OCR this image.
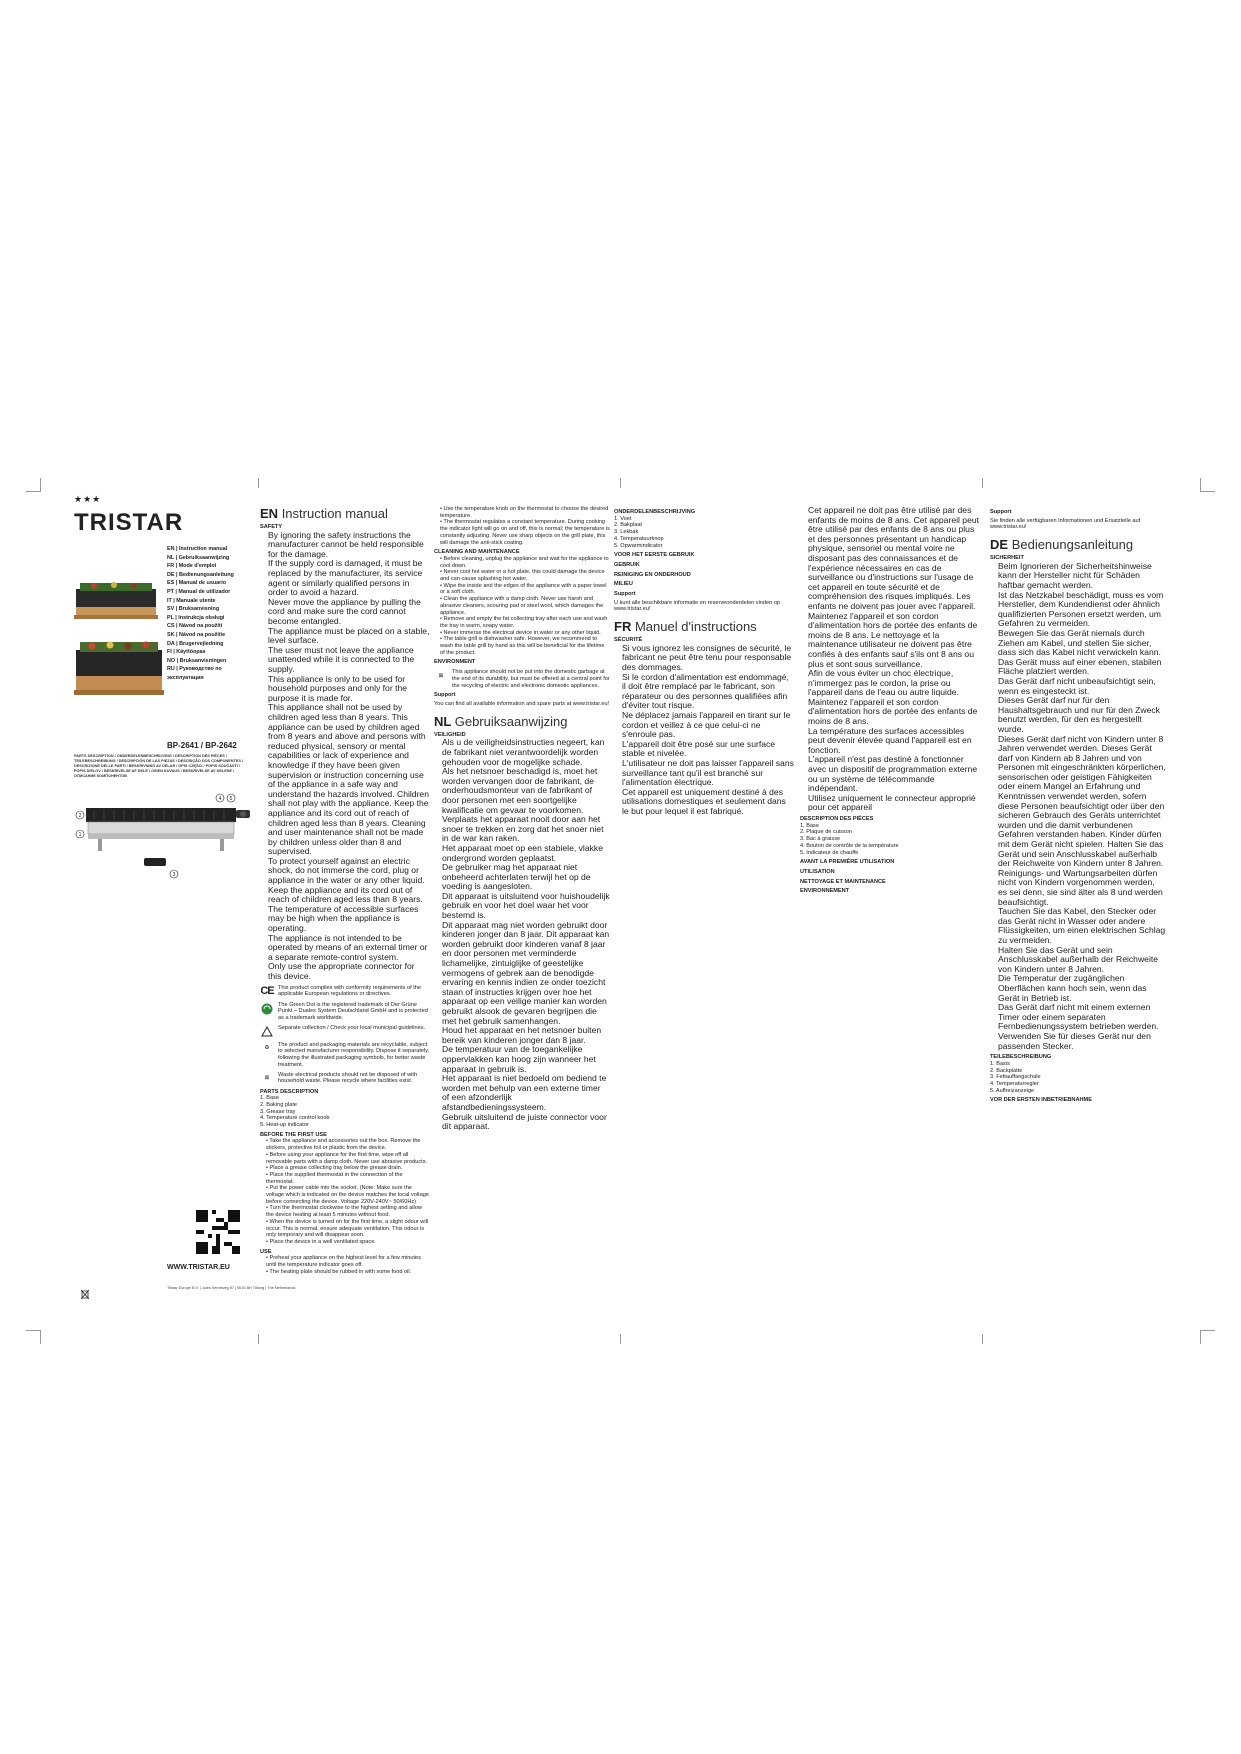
★★★
TRISTAR
EN | Instruction manual
NL | Gebruiksaanwijzing
FR | Mode d'emploi
DE | Bedienungsanleitung
ES | Manual de usuario
PT | Manual de utilizador
IT | Manuale utente
SV | Bruksanvisning
PL | Instrukcja obsługi
CS | Návod na použití
SK | Návod na použitie
DA | Brugervejledning
FI | Käyttöopas
NO | Bruksanvisningen
RU | Руководство по эксплуатации
BP-2641 / BP-2642
PARTS DESCRIPTION / ONDERDELENBESCHRIJVING / DESCRIPTION DES PIÈCES / TEILEBESCHREIBUNG / DESCRIPCIÓN DE LAS PIEZAS / DESCRIÇÃO DOS COMPONENTES / DESCRIZIONE DELLE PARTI / BESKRIVNING AV DELAR / OPIS CZĘŚCI / POPIS SOUČÁSTÍ / POPIS DIELOV / BESKRIVELSE AF DELE / OSIEN KUVAUS / BESKRIVELSE AV DELENE / ОПИСАНИЕ КОМПОНЕНТОВ
4 5
2
1
3
WWW.TRISTAR.EU
Tristar Europe B.V. | Jules Verneweg 87 | 5015 BH Tilburg | The Netherlands
EN Instruction manual
SAFETY
• By ignoring the safety instructions the manufacturer cannot be held responsible for the damage.
• If the supply cord is damaged, it must be replaced by the manufacturer, its service agent or similarly qualified persons in order to avoid a hazard.
• Never move the appliance by pulling the cord and make sure the cord cannot become entangled.
• The appliance must be placed on a stable, level surface.
• The user must not leave the appliance unattended while it is connected to the supply.
• This appliance is only to be used for household purposes and only for the purpose it is made for.
• This appliance shall not be used by children aged less than 8 years. This appliance can be used by children aged from 8 years and above and persons with reduced physical, sensory or mental capabilities or lack of experience and knowledge if they have been given supervision or instruction concerning use of the appliance in a safe way and understand the hazards involved. Children shall not play with the appliance. Keep the appliance and its cord out of reach of children aged less than 8 years. Cleaning and user maintenance shall not be made by children unless older than 8 and supervised.
• To protect yourself against an electric shock, do not immerse the cord, plug or appliance in the water or any other liquid.
• Keep the appliance and its cord out of reach of children aged less than 8 years.
• The temperature of accessible surfaces may be high when the appliance is operating.
• The appliance is not intended to be operated by means of an external timer or a separate remote-control system.
• Only use the appropriate connector for this device.
CE This product complies with conformity requirements of the applicable European regulations or directives.
The Green Dot is the registered trademark of Der Grüne Punkt – Duales System Deutschland GmbH and is protected as a trademark worldwide.
Separate collection / Check your local municipal guidelines.
♻
The product and packaging materials are recyclable, subject to selected manufacturer responsibility. Dispose it separately, following the illustrated packaging symbols, for better waste treatment.
⊠
Waste electrical products should not be disposed of with household waste. Please recycle where facilities exist.
PARTS DESCRIPTION
1. Base
2. Baking plate
3. Grease tray
4. Temperature control knob
5. Heat-up indicator
BEFORE THE FIRST USE
• Take the appliance and accessories out the box. Remove the stickers, protective foil or plastic from the device.
• Before using your appliance for the first time, wipe off all removable parts with a damp cloth. Never use abrasive products.
• Place a grease collecting tray below the grease drain.
• Place the supplied thermostat in the connection of the thermostat.
• Put the power cable into the socket. (Note: Make sure the voltage which is indicated on the device matches the local voltage before connecting the device. Voltage 220V-240V~ 50/60Hz)
• Turn the thermostat clockwise to the highest setting and allow the device heating at least 5 minutes without food.
• When the device is turned on for the first time, a slight odour will occur. This is normal, ensure adequate ventilation. This odour is only temporary and will disappear soon.
• Place the device in a well ventilated space.
USE
• Preheat your appliance on the highest level for a few minutes until the temperature indicator goes off.
• The heating plate should be rubbed in with some food oil.
• Use the temperature knob on the thermostat to choose the desired temperature.
• The thermostat regulates a constant temperature. During cooking the indicator light will go on and off, this is normal; the temperature is constantly adjusting. Never use sharp objects on the grill plate, this will damage the anti-stick coating.
CLEANING AND MAINTENANCE
• Before cleaning, unplug the appliance and wait for the appliance to cool down.
• Never cool hot water or a hot plate, this could damage the device and can cause splashing hot water.
• Wipe the inside and the edges of the appliance with a paper towel or a soft cloth.
• Clean the appliance with a damp cloth. Never use harsh and abrasive cleaners, scouring pad or steel wool, which damages the appliance.
• Remove and empty the fat collecting tray after each use and wash the tray in warm, soapy water.
• Never immerse the electrical device in water or any other liquid.
• The table grill is dishwasher safe. However, we recommend to wash the table grill by hand as this will be beneficial for the lifetime of the product.
ENVIRONMENT
⊠
This appliance should not be put into the domestic garbage at the end of its durability, but must be offered at a central point for the recycling of electric and electronic domestic appliances.
Support

You can find all available information and spare parts at www.tristar.eu!

NL Gebruiksaanwijzing
VEILIGHEID
• Als u de veiligheidsinstructies negeert, kan de fabrikant niet verantwoordelijk worden gehouden voor de mogelijke schade.
• Als het netsnoer beschadigd is, moet het worden vervangen door de fabrikant, de onderhoudsmonteur van de fabrikant of door personen met een soortgelijke kwalificatie om gevaar te voorkomen.
• Verplaats het apparaat nooit door aan het snoer te trekken en zorg dat het snoer niet in de war kan raken.
• Het apparaat moet op een stabiele, vlakke ondergrond worden geplaatst.
• De gebruiker mag het apparaat niet onbeheerd achterlaten terwijl het op de voeding is aangesloten.
• Dit apparaat is uitsluitend voor huishoudelijk gebruik en voor het doel waar het voor bestemd is.
• Dit apparaat mag niet worden gebruikt door kinderen jonger dan 8 jaar. Dit apparaat kan worden gebruikt door kinderen vanaf 8 jaar en door personen met verminderde lichamelijke, zintuiglijke of geestelijke vermogens of gebrek aan de benodigde ervaring en kennis indien ze onder toezicht staan of instructies krijgen over hoe het apparaat op een veilige manier kan worden gebruikt alsook de gevaren begrijpen die met het gebruik samenhangen.
• Houd het apparaat en het netsnoer buiten bereik van kinderen jonger dan 8 jaar.
• De temperatuur van de toegankelijke oppervlakken kan hoog zijn wanneer het apparaat in gebruik is.
• Het apparaat is niet bedoeld om bediend te worden met behulp van een externe timer of een afzonderlijk afstandbedieningssysteem.
• Gebruik uitsluitend de juiste connector voor dit apparaat.
ONDERDELENBESCHRIJVING
1. Voet
2. Bakplaat
3. Lekbak
4. Temperatuurknop
5. Opwarmindicator
VOOR HET EERSTE GEBRUIK
GEBRUIK
REINIGING EN ONDERHOUD
MILIEU
Support

U kunt alle beschikbare informatie en reserveonderdelen vinden op www.tristar.eu!

FR Manuel d'instructions
SÉCURITÉ
• Si vous ignorez les consignes de sécurité, le fabricant ne peut être tenu pour responsable des dommages.
• Si le cordon d'alimentation est endommagé, il doit être remplacé par le fabricant, son réparateur ou des personnes qualifiées afin d'éviter tout risque.
• Ne déplacez jamais l'appareil en tirant sur le cordon et veillez à ce que celui-ci ne s'enroule pas.
• L'appareil doit être posé sur une surface stable et nivelée.
• L'utilisateur ne doit pas laisser l'appareil sans surveillance tant qu'il est branché sur l'alimentation électrique.
• Cet appareil est uniquement destiné à des utilisations domestiques et seulement dans le but pour lequel il est fabriqué.
• Cet appareil ne doit pas être utilisé par des enfants de moins de 8 ans. Cet appareil peut être utilisé par des enfants de 8 ans ou plus et des personnes présentant un handicap physique, sensoriel ou mental voire ne disposant pas des connaissances et de l'expérience nécessaires en cas de surveillance ou d'instructions sur l'usage de cet appareil en toute sécurité et de compréhension des risques impliqués. Les enfants ne doivent pas jouer avec l'appareil. Maintenez l'appareil et son cordon d'alimentation hors de portée des enfants de moins de 8 ans. Le nettoyage et la maintenance utilisateur ne doivent pas être confiés à des enfants sauf s'ils ont 8 ans ou plus et sont sous surveillance.
• Afin de vous éviter un choc électrique, n'immergez pas le cordon, la prise ou l'appareil dans de l'eau ou autre liquide.
• Maintenez l'appareil et son cordon d'alimentation hors de portée des enfants de moins de 8 ans.
• La température des surfaces accessibles peut devenir élevée quand l'appareil est en fonction.
• L'appareil n'est pas destiné à fonctionner avec un dispositif de programmation externe ou un système de télécommande indépendant.
• Utilisez uniquement le connecteur approprié pour cet appareil
DESCRIPTION DES PIÈCES
1. Base
2. Plaque de cuisson
3. Bac à graisse
4. Bouton de contrôle de la température
5. Indicateur de chauffe
AVANT LA PREMIÈRE UTILISATION
UTILISATION
NETTOYAGE ET MAINTENANCE
ENVIRONNEMENT
Support

Sie finden alle verfügbaren Informationen und Ersatzteile auf www.tristar.eu!

DE Bedienungsanleitung
SICHERHEIT
• Beim Ignorieren der Sicherheitshinweise kann der Hersteller nicht für Schäden haftbar gemacht werden.
• Ist das Netzkabel beschädigt, muss es vom Hersteller, dem Kundendienst oder ähnlich qualifizierten Personen ersetzt werden, um Gefahren zu vermeiden.
• Bewegen Sie das Gerät niemals durch Ziehen am Kabel, und stellen Sie sicher, dass sich das Kabel nicht verwickeln kann.
• Das Gerät muss auf einer ebenen, stabilen Fläche platziert werden.
• Das Gerät darf nicht unbeaufsichtigt sein, wenn es eingesteckt ist.
• Dieses Gerät darf nur für den Haushaltsgebrauch und nur für den Zweck benutzt werden, für den es hergestellt wurde.
• Dieses Gerät darf nicht von Kindern unter 8 Jahren verwendet werden. Dieses Gerät darf von Kindern ab 8 Jahren und von Personen mit eingeschränkten körperlichen, sensorischen oder geistigen Fähigkeiten oder einem Mangel an Erfahrung und Kenntnissen verwendet werden, sofern diese Personen beaufsichtigt oder über den sicheren Gebrauch des Geräts unterrichtet wurden und die damit verbundenen Gefahren verstanden haben. Kinder dürfen mit dem Gerät nicht spielen. Halten Sie das Gerät und sein Anschlusskabel außerhalb der Reichweite von Kindern unter 8 Jahren. Reinigungs- und Wartungsarbeiten dürfen nicht von Kindern vorgenommen werden, es sei denn, sie sind älter als 8 und werden beaufsichtigt.
• Tauchen Sie das Kabel, den Stecker oder das Gerät nicht in Wasser oder andere Flüssigkeiten, um einen elektrischen Schlag zu vermeiden.
• Halten Sie das Gerät und sein Anschlusskabel außerhalb der Reichweite von Kindern unter 8 Jahren.
• Die Temperatur der zugänglichen Oberflächen kann hoch sein, wenn das Gerät in Betrieb ist.
• Das Gerät darf nicht mit einem externen Timer oder einem separaten Fernbedienungssystem betrieben werden.
• Verwenden Sie für dieses Gerät nur den passenden Stecker.
TEILEBESCHREIBUNG
1. Basis
2. Backplatte
3. Fettauffangschale
4. Temperaturregler
5. Aufheizanzeige
VOR DER ERSTEN INBETRIEBNAHME
